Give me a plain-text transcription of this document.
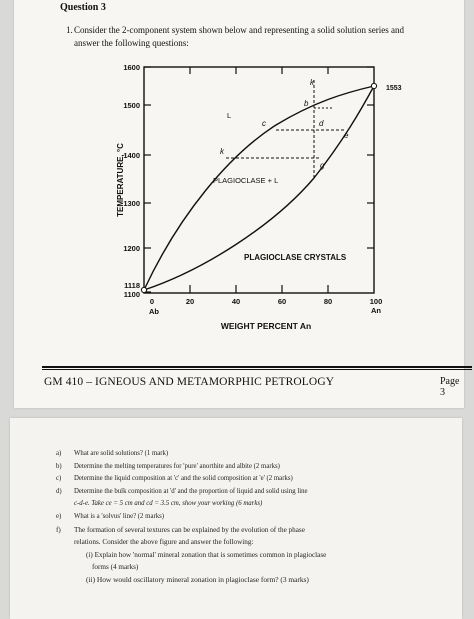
Question 3
1. Consider the 2-component system shown below and representing a solid solution series and
answer the following questions:
1600
1500
1400
1300
1200
1118
1100
0	20	40	60	80	100
Ab	An
WEIGHT PERCENT An
TEMPERATURE, °C
1553
L
PLAGIOCLASE + L
PLAGIOCLASE CRYSTALS
k
b
c	d
e
k
g
GM 410 – IGNEOUS AND METAMORPHIC PETROLOGY	Page 3
a) What are solid solutions? (1 mark)
b) Determine the melting temperatures for 'pure' anorthite and albite (2 marks)
c) Determine the liquid composition at 'c' and the solid composition at 'e' (2 marks)
d) Determine the bulk composition at 'd' and the proportion of liquid and solid using line
c-d-e. Take ce = 5 cm and cd = 3.5 cm, show your working (6 marks)
e) What is a 'solvus' line? (2 marks)
f) The formation of several textures can be explained by the evolution of the phase
relations. Consider the above figure and answer the following:
(i) Explain how 'normal' mineral zonation that is sometimes common in plagioclase
forms (4 marks)
(ii) How would oscillatory mineral zonation in plagioclase form? (3 marks)
